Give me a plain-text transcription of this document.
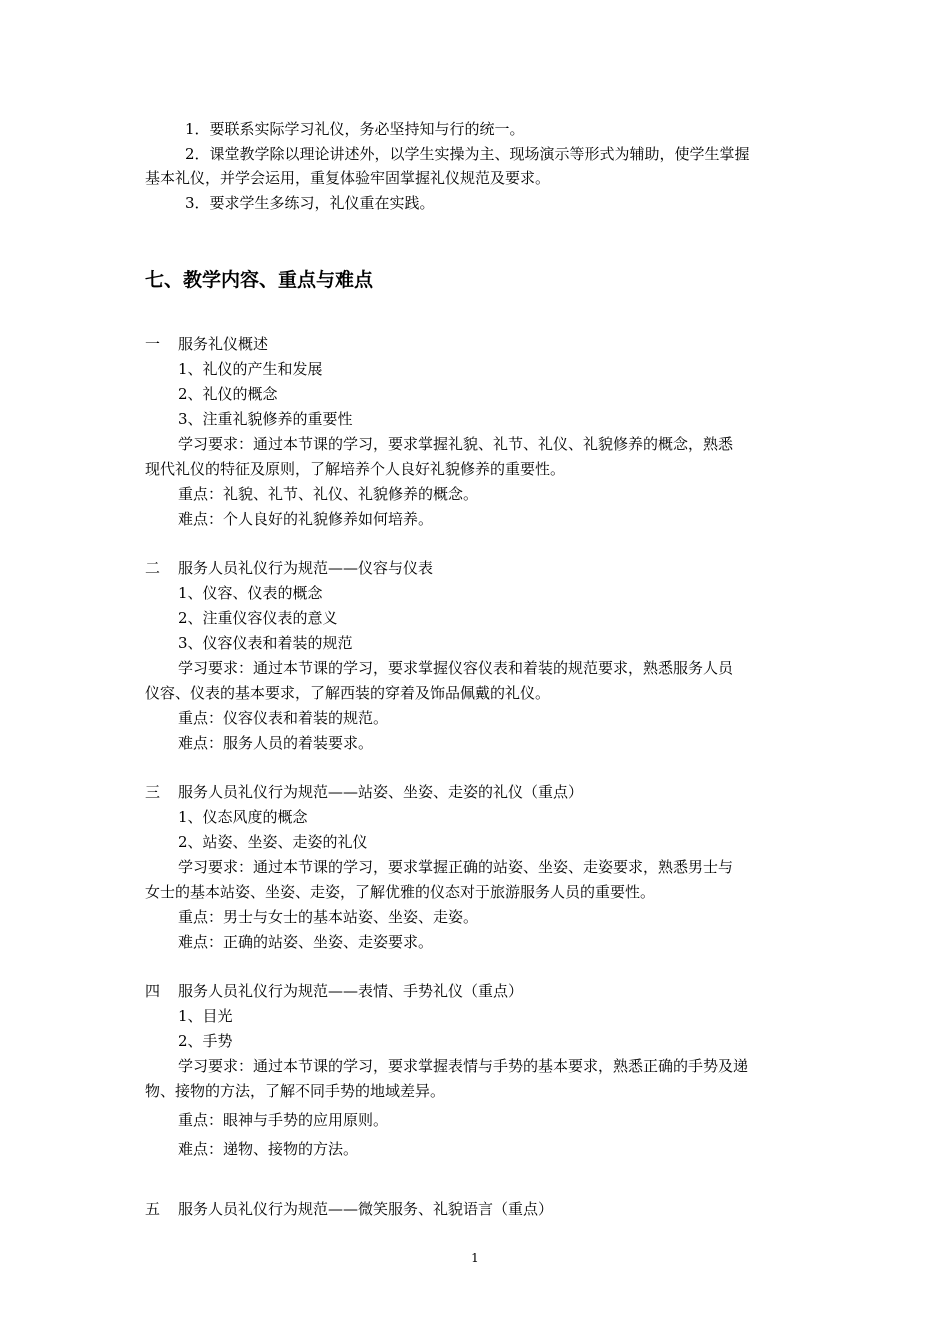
1．要联系实际学习礼仪，务必坚持知与行的统一。
2．课堂教学除以理论讲述外，以学生实操为主、现场演示等形式为辅助，使学生掌握
基本礼仪，并学会运用，重复体验牢固掌握礼仪规范及要求。
3．要求学生多练习，礼仪重在实践。
七、教学内容、重点与难点
一 服务礼仪概述
1、礼仪的产生和发展
2、礼仪的概念
3、注重礼貌修养的重要性
学习要求：通过本节课的学习，要求掌握礼貌、礼节、礼仪、礼貌修养的概念，熟悉
现代礼仪的特征及原则，了解培养个人良好礼貌修养的重要性。
重点：礼貌、礼节、礼仪、礼貌修养的概念。
难点：个人良好的礼貌修养如何培养。
二 服务人员礼仪行为规范——仪容与仪表
1、仪容、仪表的概念
2、注重仪容仪表的意义
3、仪容仪表和着装的规范
学习要求：通过本节课的学习，要求掌握仪容仪表和着装的规范要求，熟悉服务人员
仪容、仪表的基本要求，了解西装的穿着及饰品佩戴的礼仪。
重点：仪容仪表和着装的规范。
难点：服务人员的着装要求。
三 服务人员礼仪行为规范——站姿、坐姿、走姿的礼仪（重点）
1、仪态风度的概念
2、站姿、坐姿、走姿的礼仪
学习要求：通过本节课的学习，要求掌握正确的站姿、坐姿、走姿要求，熟悉男士与
女士的基本站姿、坐姿、走姿，了解优雅的仪态对于旅游服务人员的重要性。
重点：男士与女士的基本站姿、坐姿、走姿。
难点：正确的站姿、坐姿、走姿要求。
四 服务人员礼仪行为规范——表情、手势礼仪（重点）
1、目光
2、手势
学习要求：通过本节课的学习，要求掌握表情与手势的基本要求，熟悉正确的手势及递
物、接物的方法，了解不同手势的地域差异。
重点：眼神与手势的应用原则。
难点：递物、接物的方法。
五 服务人员礼仪行为规范——微笑服务、礼貌语言（重点）
1
